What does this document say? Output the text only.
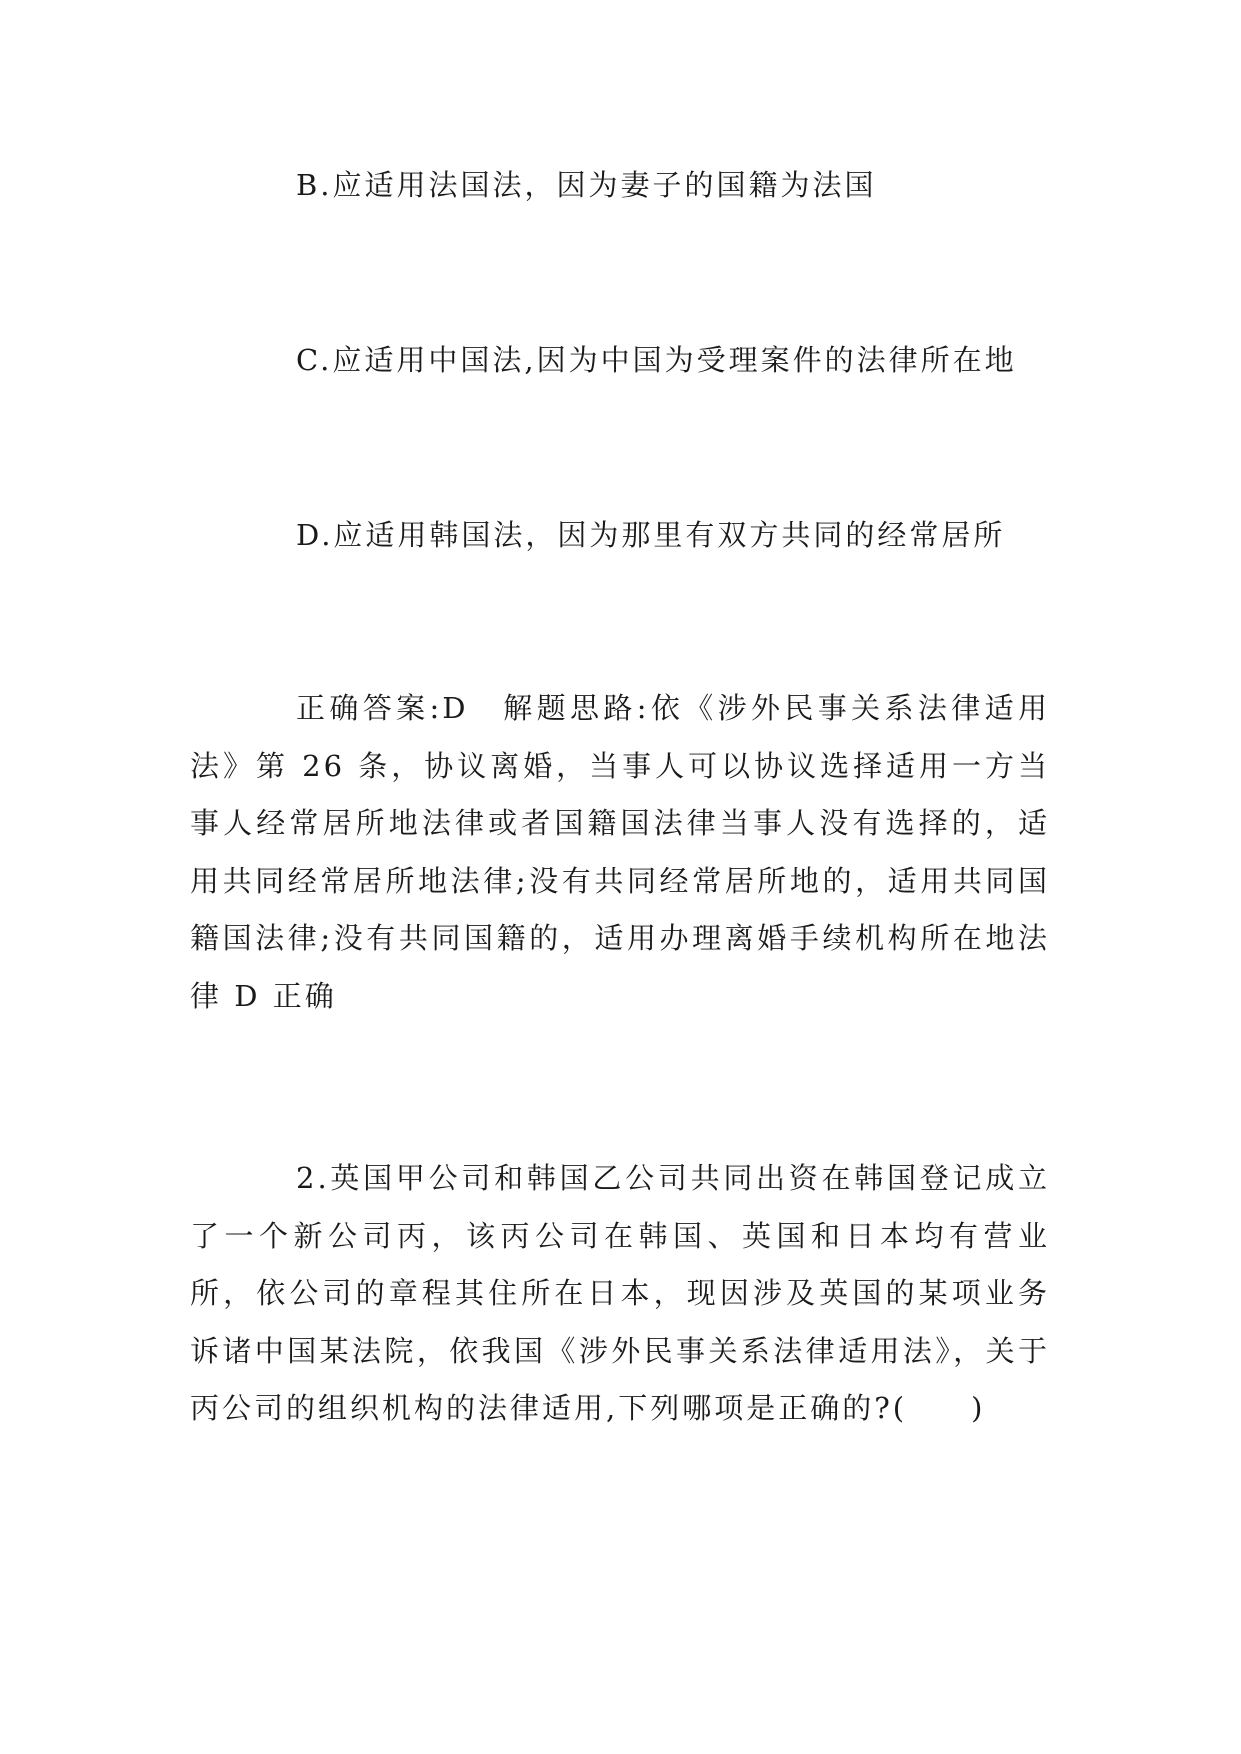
B.应适用法国法，因为妻子的国籍为法国
C.应适用中国法,因为中国为受理案件的法律所在地
D.应适用韩国法，因为那里有双方共同的经常居所
正确答案:D　解题思路:依《涉外民事关系法律适用法》第 26 条，协议离婚，当事人可以协议选择适用一方当事人经常居所地法律或者国籍国法律当事人没有选择的，适用共同经常居所地法律;没有共同经常居所地的，适用共同国籍国法律;没有共同国籍的，适用办理离婚手续机构所在地法律 D 正确
2.英国甲公司和韩国乙公司共同出资在韩国登记成立了一个新公司丙，该丙公司在韩国、英国和日本均有营业所，依公司的章程其住所在日本，现因涉及英国的某项业务诉诸中国某法院，依我国《涉外民事关系法律适用法》，关于丙公司的组织机构的法律适用,下列哪项是正确的?(　　)
